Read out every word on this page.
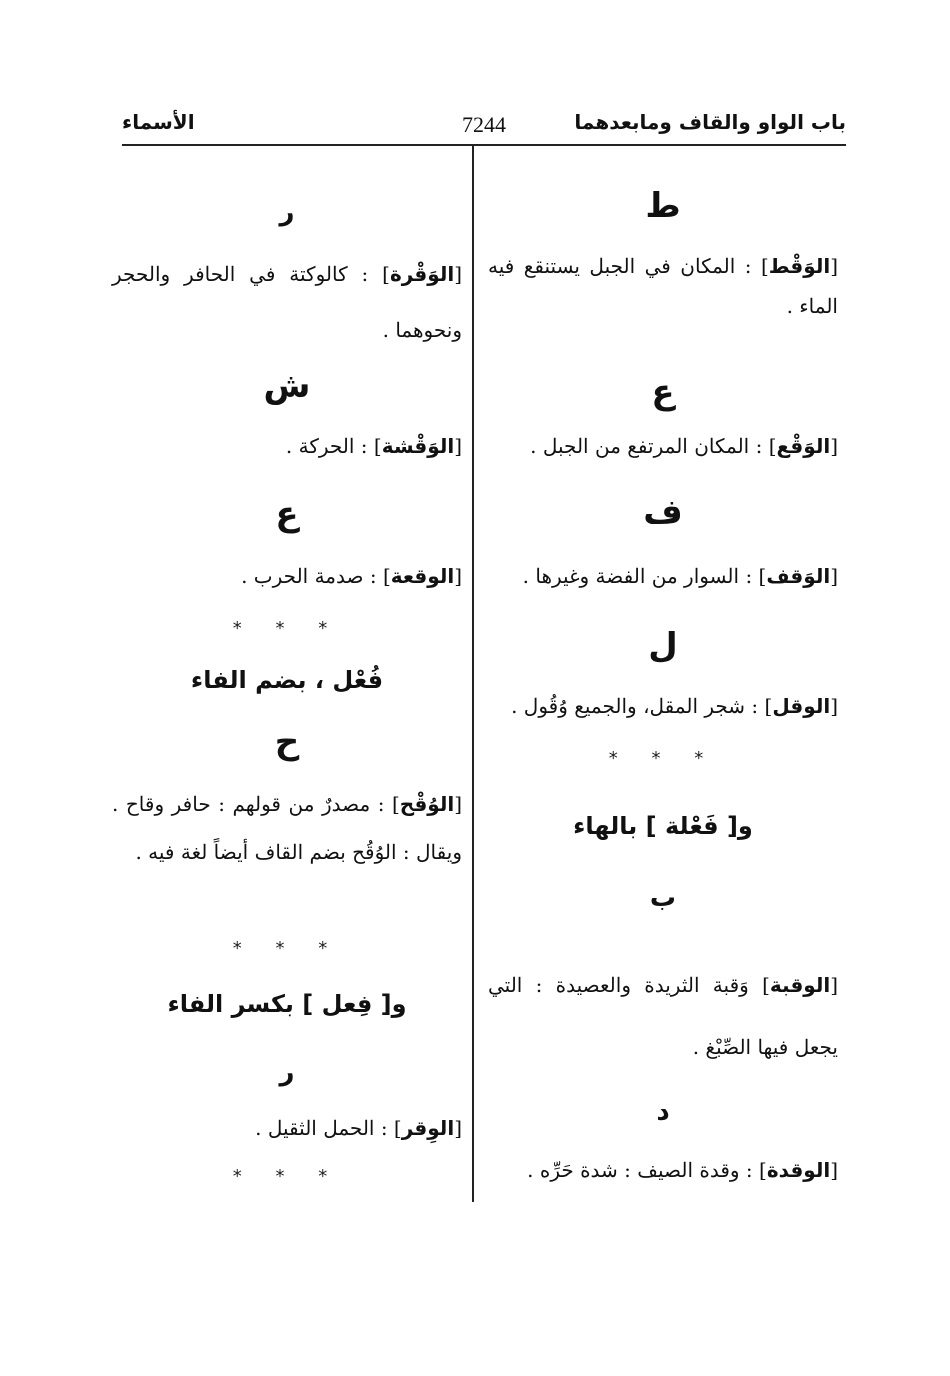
باب الواو والقاف ومابعدهما
7244
الأسماء
ط
[الوَقْط] : المكان في الجبل يستنقع فيه الماء .
ع
[الوَقْع] : المكان المرتفع من الجبل .
ف
[الوَقف] : السوار من الفضة وغيرها .
ل
[الوقل] : شجر المقل، والجميع وُقُول .
* * *
و[ فَعْلة ] بالهاء
ب
[الوقبة] وَقبة الثريدة والعصيدة : التي يجعل فيها الصِّبْغ .
د
[الوقدة] : وقدة الصيف : شدة حَرِّه .
ر
[الوَقْرة] : كالوكتة في الحافر والحجر ونحوهما .
ش
[الوَقْشة] : الحركة .
ع
[الوقعة] : صدمة الحرب .
* * *
فُعْل ، بضم الفاء
ح
[الوُقْح] : مصدرٌ من قولهم : حافر وقاح . ويقال : الوُقُح بضم القاف أيضاً لغة فيه .
* * *
و[ فِعل ] بكسر الفاء
ر
[الوِقر] : الحمل الثقيل .
* * *
